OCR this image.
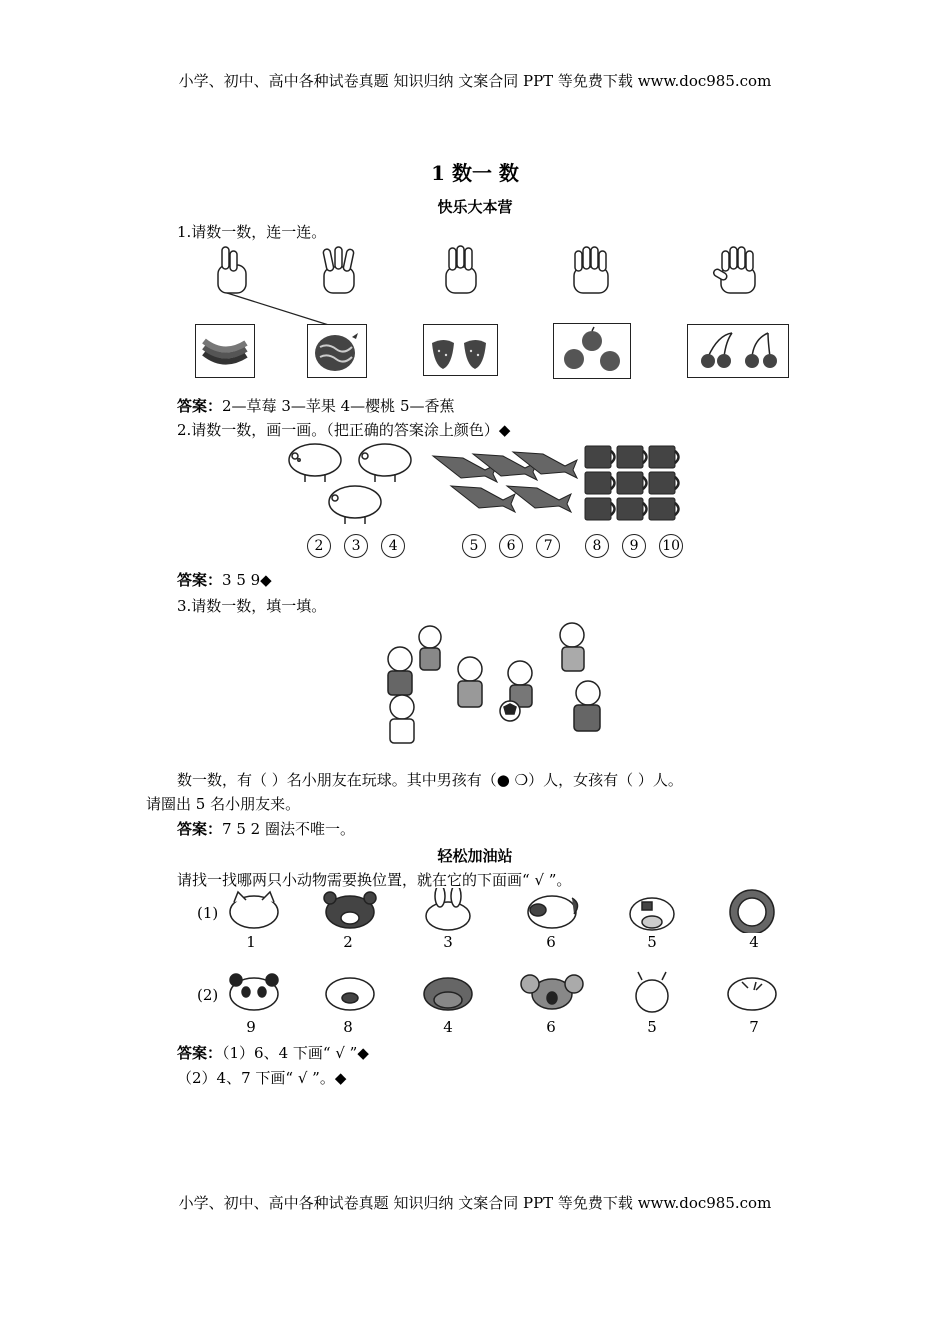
小学、初中、高中各种试卷真题 知识归纳 文案合同 PPT 等免费下载 www.doc985.com
1 数一 数
快乐大本营
1.请数一数，连一连。
答案：2—草莓 3—苹果 4—樱桃 5—香蕉
2.请数一数，画一画。（把正确的答案涂上颜色）◆
2 3 4	5 6 7	8 9 10
答案：3 5 9◆
3.请数一数，填一填。
数一数，有（ ）名小朋友在玩球。其中男孩有（● ❍）人，女孩有（ ）人。
请圈出 5 名小朋友来。
答案：7 5 2 圈法不唯一。
轻松加油站
请找一找哪两只小动物需要换位置，就在它的下面画“ √ ”。
(1)
1	2	3	6	5	4
(2)
9	8	4	6	5	7
答案：（1）6、4 下画“ √ ”◆
（2）4、7 下画“ √ ”。◆
小学、初中、高中各种试卷真题 知识归纳 文案合同 PPT 等免费下载 www.doc985.com
